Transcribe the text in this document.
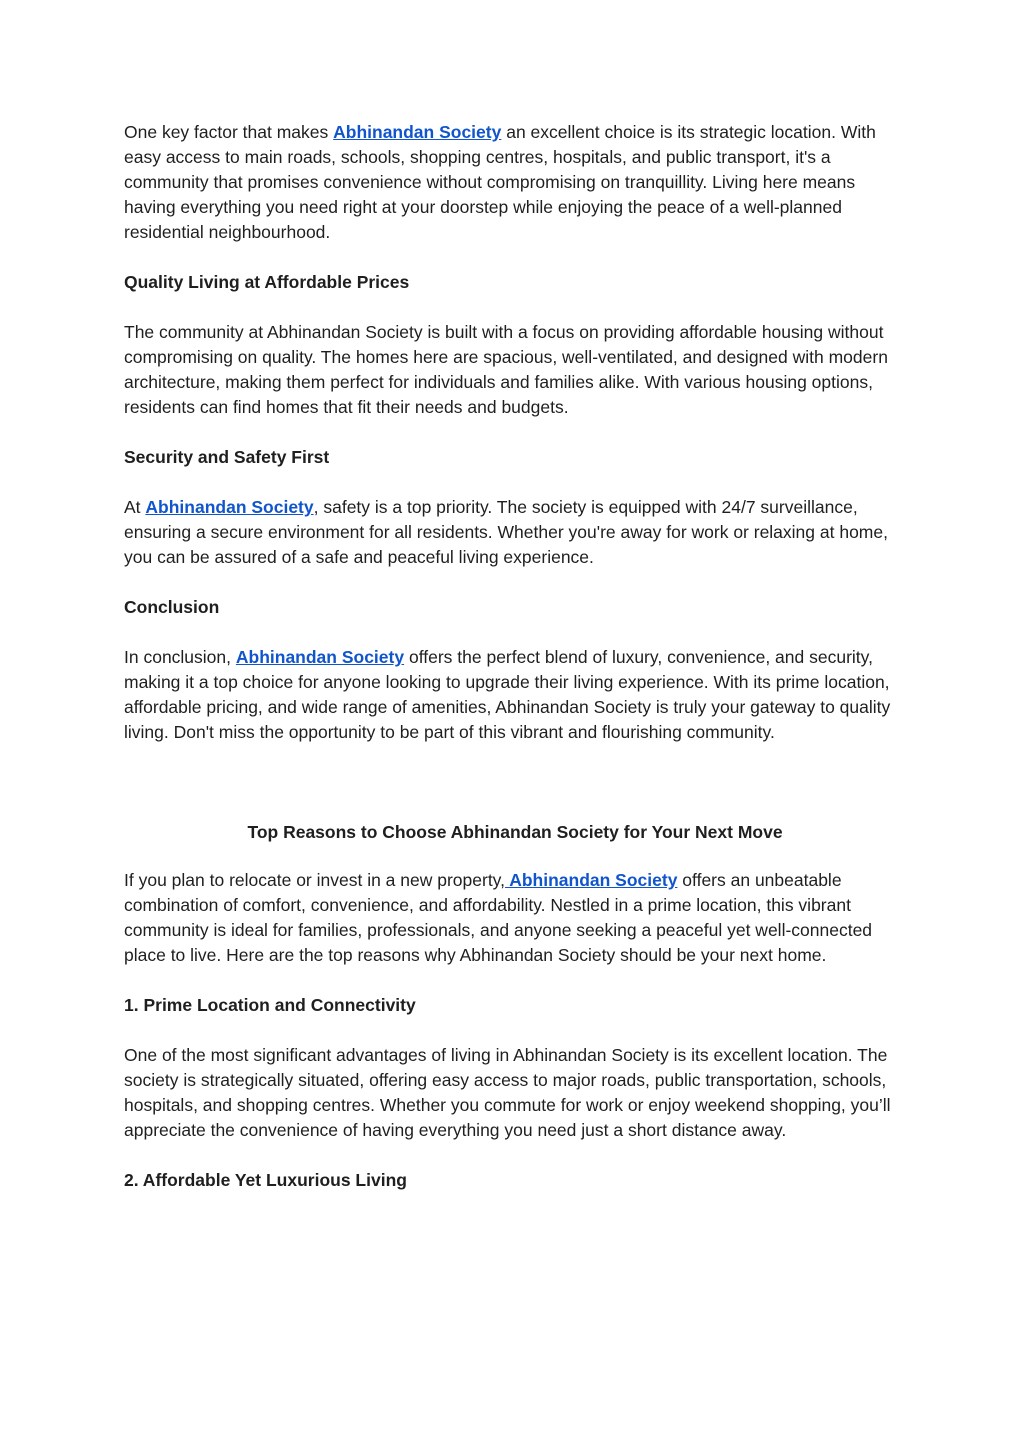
One key factor that makes Abhinandan Society an excellent choice is its strategic location. With easy access to main roads, schools, shopping centres, hospitals, and public transport, it's a community that promises convenience without compromising on tranquillity. Living here means having everything you need right at your doorstep while enjoying the peace of a well-planned residential neighbourhood.

Quality Living at Affordable Prices

The community at Abhinandan Society is built with a focus on providing affordable housing without compromising on quality. The homes here are spacious, well-ventilated, and designed with modern architecture, making them perfect for individuals and families alike. With various housing options, residents can find homes that fit their needs and budgets.

Security and Safety First

At Abhinandan Society, safety is a top priority. The society is equipped with 24/7 surveillance, ensuring a secure environment for all residents. Whether you're away for work or relaxing at home, you can be assured of a safe and peaceful living experience.

Conclusion

In conclusion, Abhinandan Society offers the perfect blend of luxury, convenience, and security, making it a top choice for anyone looking to upgrade their living experience. With its prime location, affordable pricing, and wide range of amenities, Abhinandan Society is truly your gateway to quality living. Don't miss the opportunity to be part of this vibrant and flourishing community.

Top Reasons to Choose Abhinandan Society for Your Next Move

If you plan to relocate or invest in a new property, Abhinandan Society offers an unbeatable combination of comfort, convenience, and affordability. Nestled in a prime location, this vibrant community is ideal for families, professionals, and anyone seeking a peaceful yet well-connected place to live. Here are the top reasons why Abhinandan Society should be your next home.

1. Prime Location and Connectivity

One of the most significant advantages of living in Abhinandan Society is its excellent location. The society is strategically situated, offering easy access to major roads, public transportation, schools, hospitals, and shopping centres. Whether you commute for work or enjoy weekend shopping, you’ll appreciate the convenience of having everything you need just a short distance away.

2. Affordable Yet Luxurious Living
